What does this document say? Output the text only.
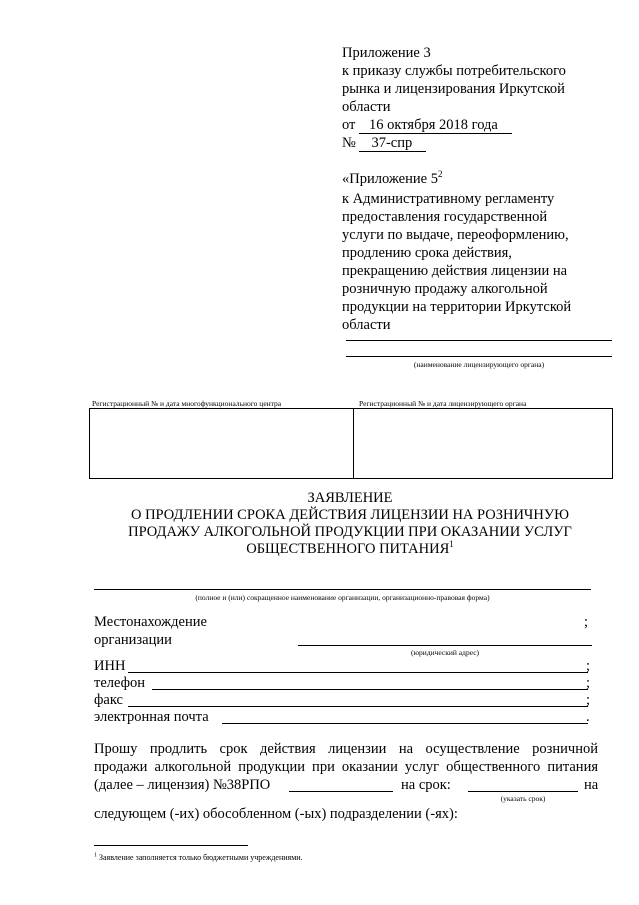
Приложение 3
к приказу службы потребительского
рынка и лицензирования Иркутской
области
от 16 октября 2018 года
№ 37-спр
«Приложение $5^2$
к Административному регламенту
предоставления государственной
услуги по выдаче, переоформлению,
продлению срока действия,
прекращению действия лицензии на
розничную продажу алкогольной
продукции на территории Иркутской
области
(наименование лицензирующего органа)
Регистрационный № и дата многофункционального центра	Регистрационный № и дата лицензирующего органа
ЗАЯВЛЕНИЕ
О ПРОДЛЕНИИ СРОКА ДЕЙСТВИЯ ЛИЦЕНЗИИ НА РОЗНИЧНУЮ
ПРОДАЖУ АЛКОГОЛЬНОЙ ПРОДУКЦИИ ПРИ ОКАЗАНИИ УСЛУГ
ОБЩЕСТВЕННОГО ПИТАНИЯ$^1$
(полное и (или) сокращенное наименование организации, организационно-правовая форма)
Местонахождение
организации
;
(юридический адрес)
ИНН	;
телефон	;
факс	;
электронная почта	.
Прошу продлить срок действия лицензии на осуществление розничной
продажи алкогольной продукции при оказании услуг общественного питания
(далее – лицензия) №38РПО	на срок:	на
(указать срок)
следующем (-их) обособленном (-ых) подразделении (-ях):
$^1$ Заявление заполняется только бюджетными учреждениями.
